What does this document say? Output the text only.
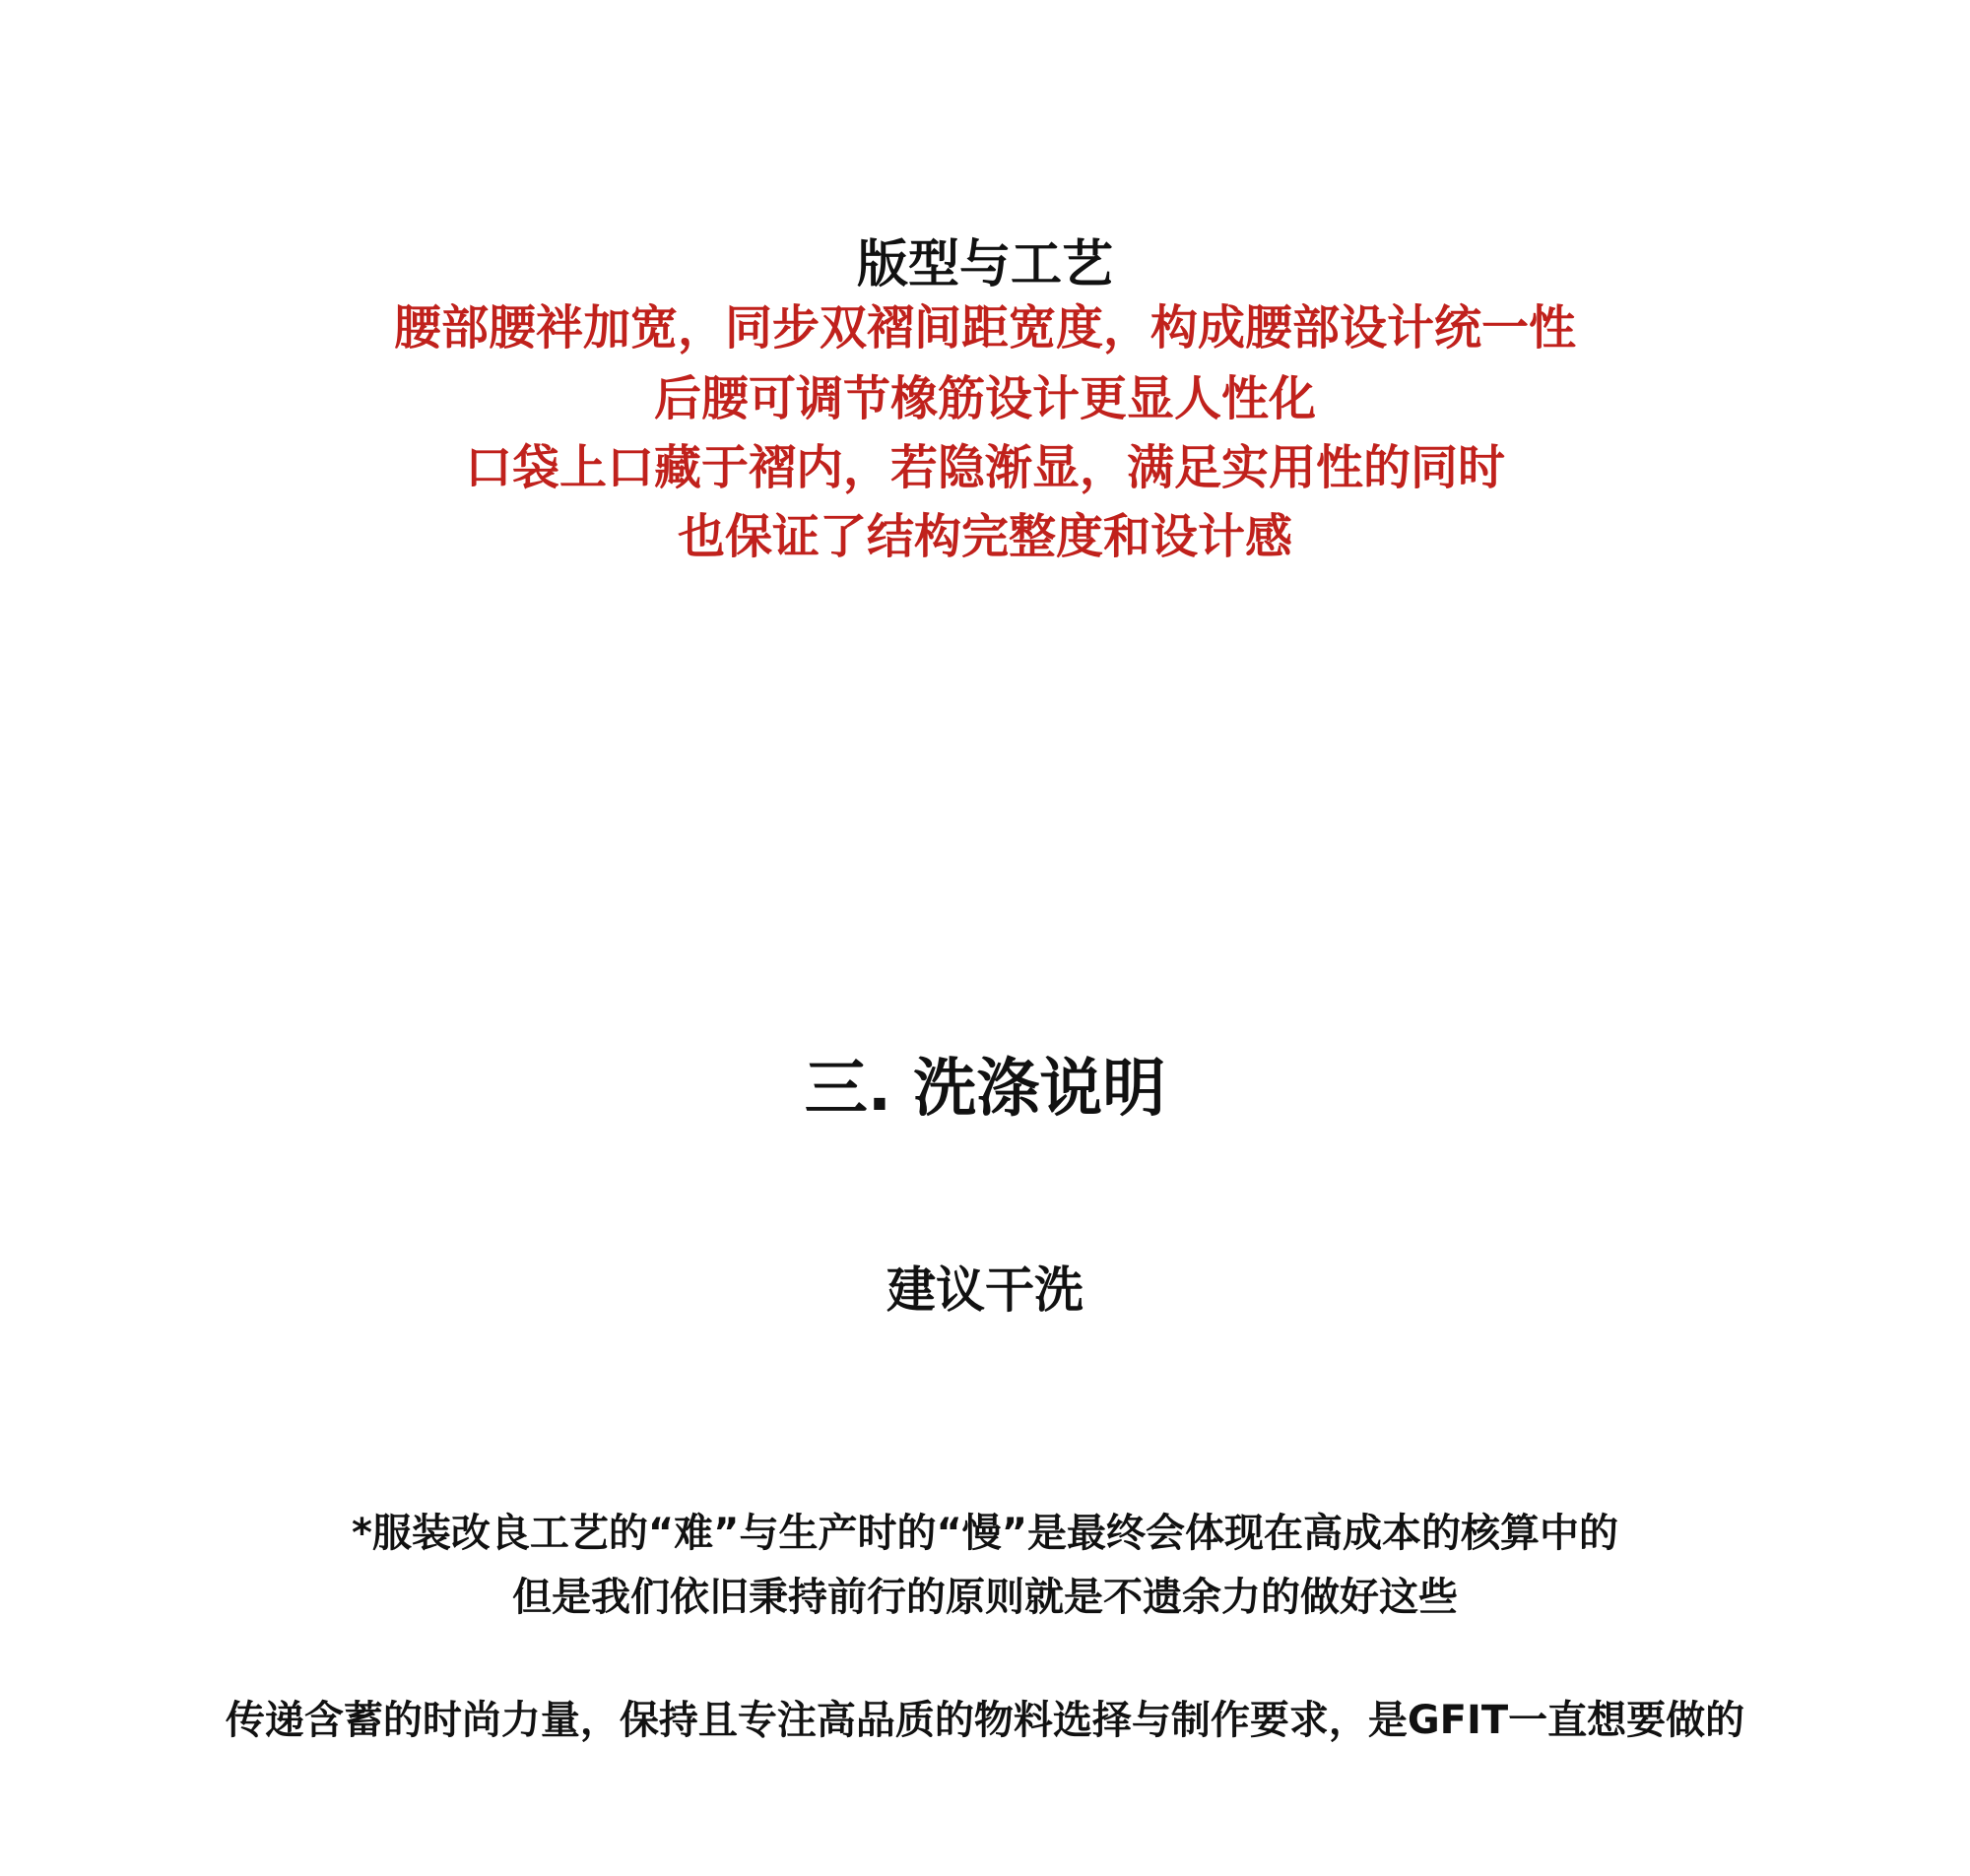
版型与工艺

腰部腰袢加宽，同步双褶间距宽度，构成腰部设计统一性

后腰可调节橡筋设计更显人性化

口袋上口藏于褶内，若隐渐显，满足实用性的同时

也保证了结构完整度和设计感

三. 洗涤说明
建议干洗

*服装改良工艺的“难”与生产时的“慢”是最终会体现在高成本的核算中的

但是我们依旧秉持前行的原则就是不遗余力的做好这些

传递含蓄的时尚力量，保持且专注高品质的物料选择与制作要求，是GFIT一直想要做的
